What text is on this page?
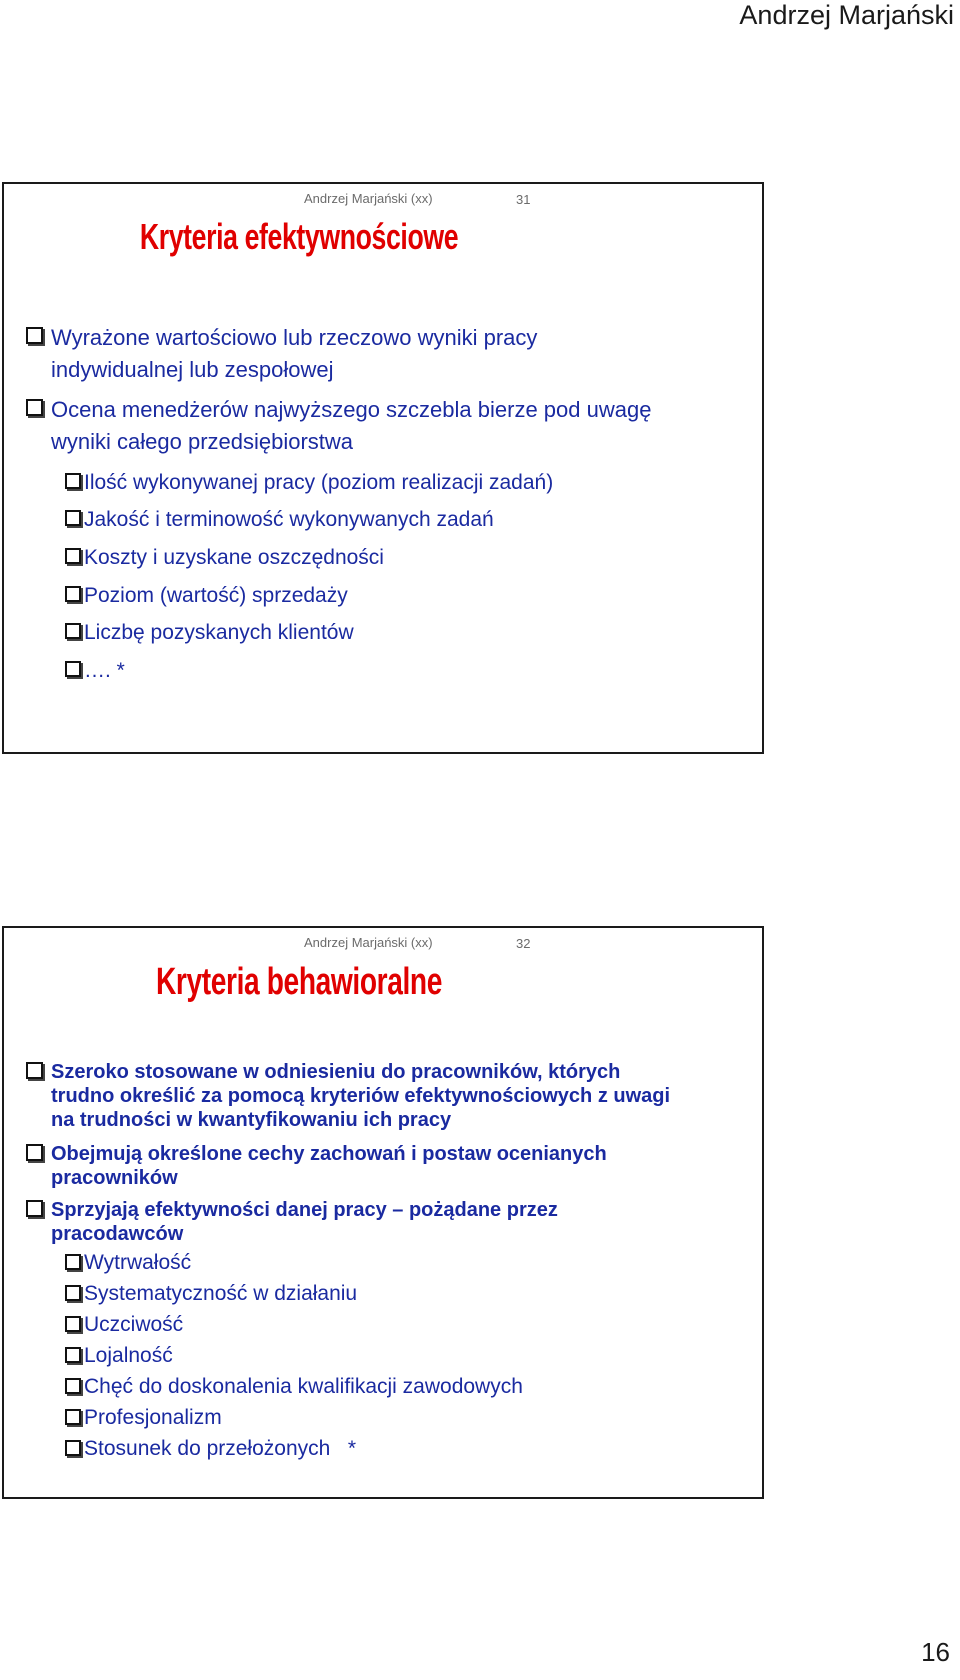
Andrzej Marjański
Andrzej Marjański (xx)	31
Kryteria efektywnościowe
Wyrażone wartościowo lub rzeczowo wyniki pracy
indywidualnej lub zespołowej
Ocena menedżerów najwyższego szczebla bierze pod uwagę
wyniki całego przedsiębiorstwa
Ilość wykonywanej pracy (poziom realizacji zadań)
Jakość i terminowość wykonywanych zadań
Koszty i uzyskane oszczędności
Poziom (wartość) sprzedaży
Liczbę pozyskanych klientów
…. *
Andrzej Marjański (xx)	32
Kryteria behawioralne
Szeroko stosowane w odniesieniu do pracowników, których
trudno określić za pomocą kryteriów efektywnościowych z uwagi
na trudności w kwantyfikowaniu ich pracy
Obejmują określone cechy zachowań i postaw ocenianych
pracowników
Sprzyjają efektywności danej pracy – pożądane przez
pracodawców
Wytrwałość
Systematyczność w działaniu
Uczciwość
Lojalność
Chęć do doskonalenia kwalifikacji zawodowych
Profesjonalizm
Stosunek do przełożonych   *
16
